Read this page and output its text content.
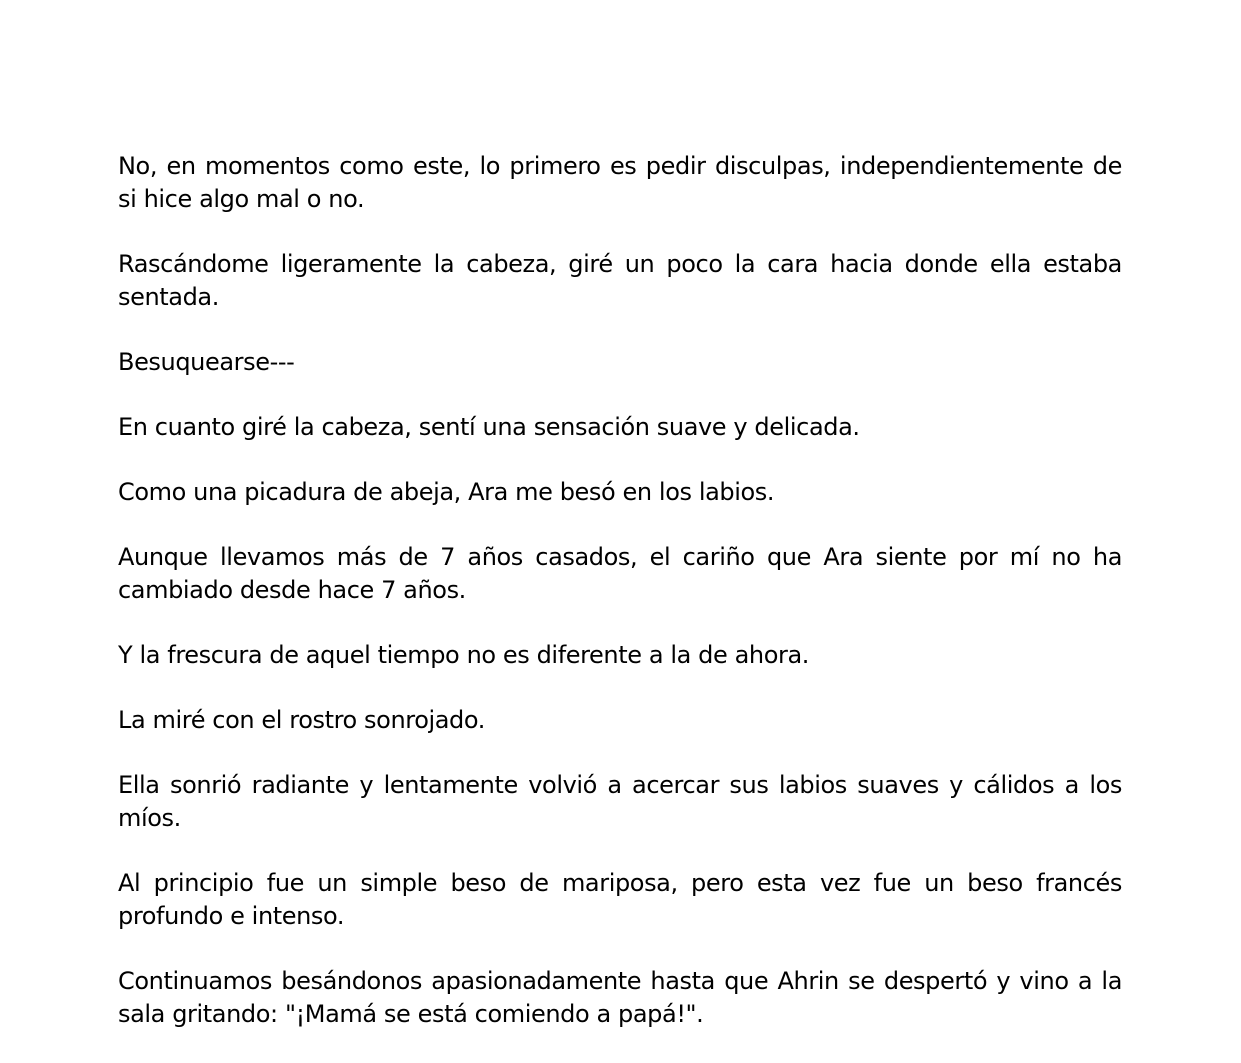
No, en momentos como este, lo primero es pedir disculpas, independientemente de si hice algo mal o no.

Rascándome ligeramente la cabeza, giré un poco la cara hacia donde ella estaba sentada.

Besuquearse---

En cuanto giré la cabeza, sentí una sensación suave y delicada.

Como una picadura de abeja, Ara me besó en los labios.

Aunque llevamos más de 7 años casados, el cariño que Ara siente por mí no ha cambiado desde hace 7 años.

Y la frescura de aquel tiempo no es diferente a la de ahora.

La miré con el rostro sonrojado.

Ella sonrió radiante y lentamente volvió a acercar sus labios suaves y cálidos a los míos.

Al principio fue un simple beso de mariposa, pero esta vez fue un beso francés profundo e intenso.

Continuamos besándonos apasionadamente hasta que Ahrin se despertó y vino a la sala gritando: "¡Mamá se está comiendo a papá!".
